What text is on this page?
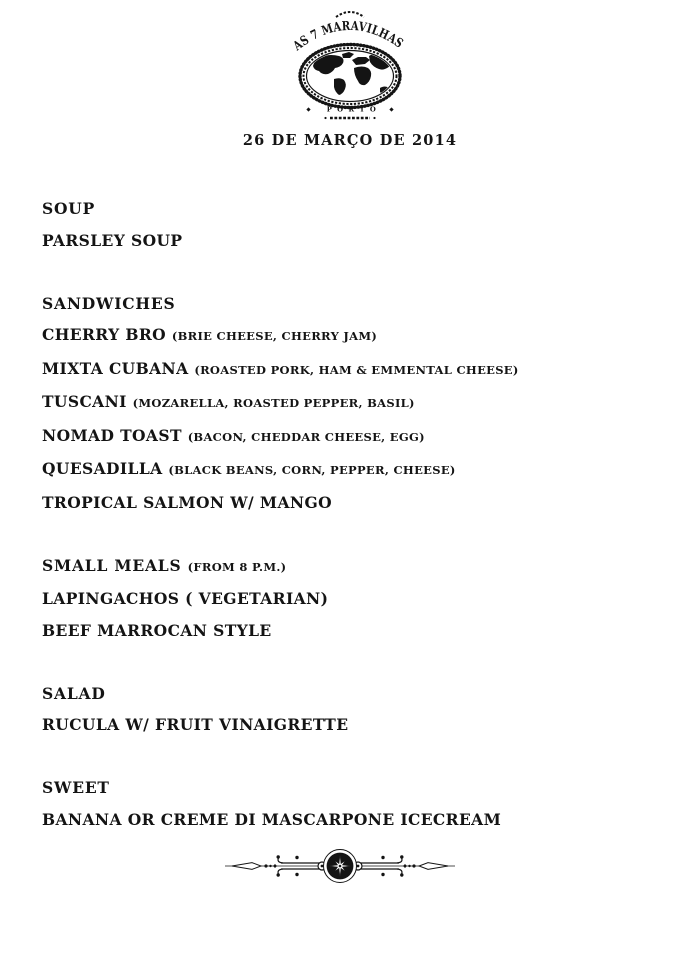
AS 7 MARAVILHAS
P O R T O
26 DE MARÇO DE 2014
SOUP

PARSLEY SOUP

SANDWICHES

CHERRY BRO (BRIE CHEESE, CHERRY JAM)

MIXTA CUBANA (ROASTED PORK, HAM & EMMENTAL CHEESE)

TUSCANI (MOZARELLA, ROASTED PEPPER, BASIL)

NOMAD TOAST (BACON, CHEDDAR CHEESE, EGG)

QUESADILLA (BLACK BEANS, CORN, PEPPER, CHEESE)

TROPICAL SALMON W/ MANGO

SMALL MEALS (FROM 8 P.M.)

LAPINGACHOS ( VEGETARIAN)

BEEF MARROCAN STYLE

SALAD

RUCULA W/ FRUIT VINAIGRETTE

SWEET

BANANA OR CREME DI MASCARPONE ICECREAM
